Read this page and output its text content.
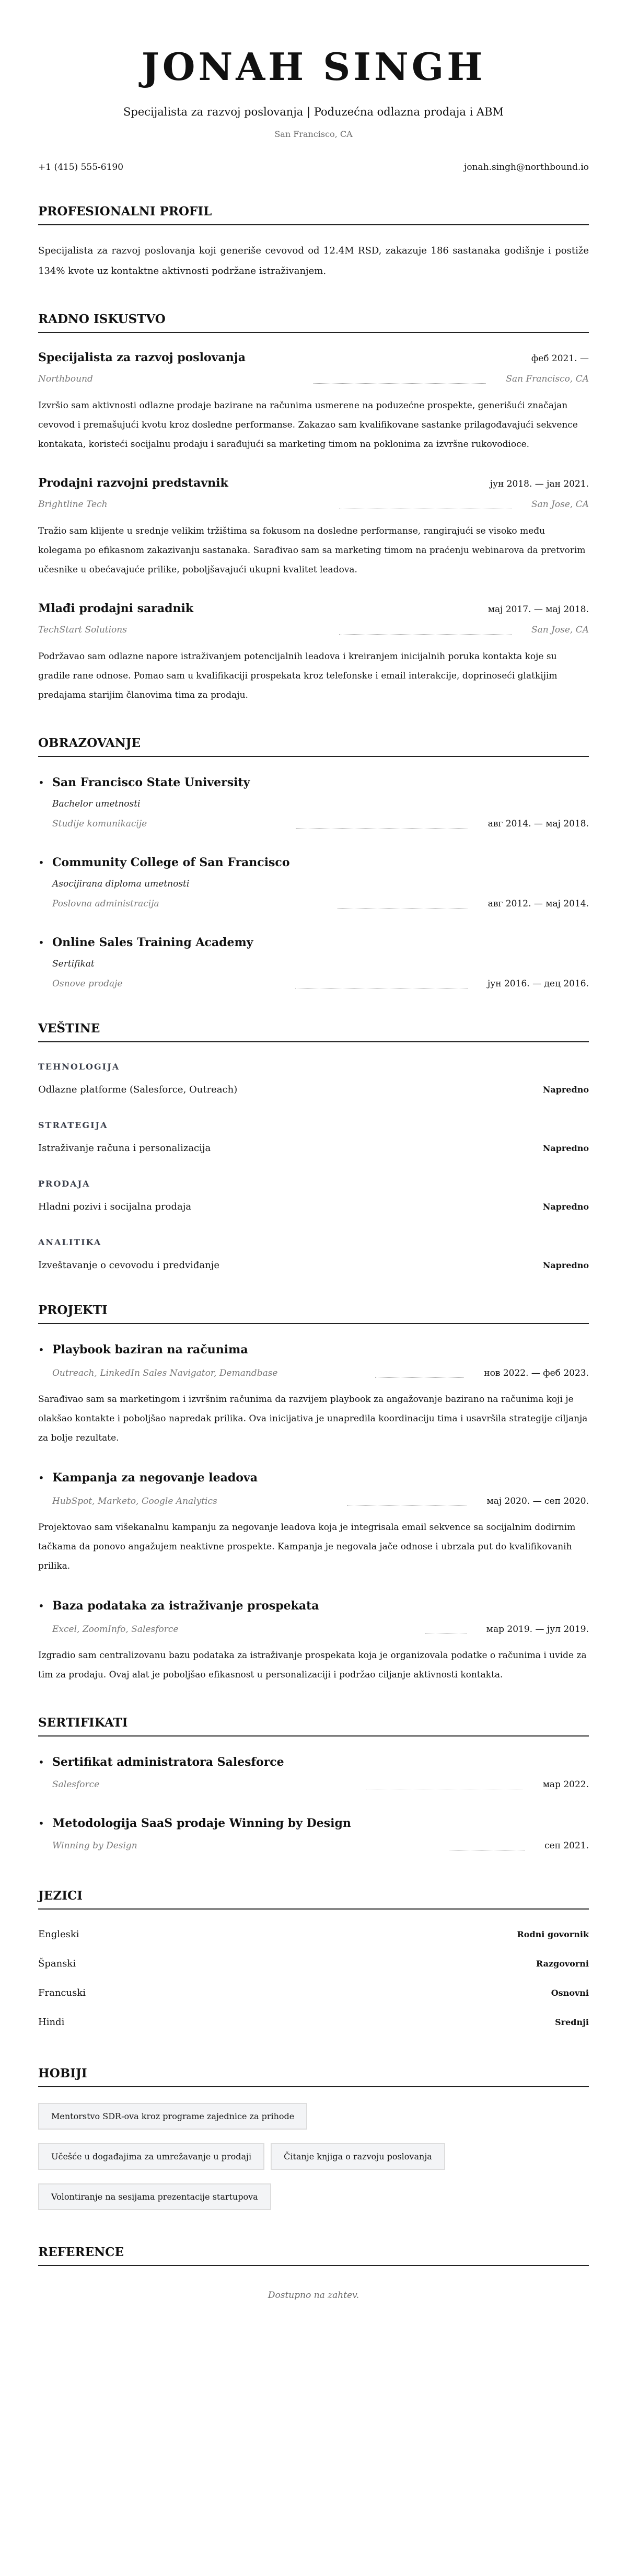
JONAH SINGH
Specijalista za razvoj poslovanja | Poduzećna odlazna prodaja i ABM
San Francisco, CA
+1 (415) 555-6190	jonah.singh@northbound.io
PROFESIONALNI PROFIL

Specijalista za razvoj poslovanja koji generiše cevovod od 12.4M RSD, zakazuje 186 sastanaka godišnje i postiže 134% kvote uz kontaktne aktivnosti podržane istraživanjem.

RADNO ISKUSTVO
Specijalista za razvoj poslovanja	феб 2021. —
Northbound	San Francisco, CA

Izvršio sam aktivnosti odlazne prodaje bazirane na računima usmerene na poduzećne prospekte, generišući značajan cevovod i premašujući kvotu kroz dosledne performanse. Zakazao sam kvalifikovane sastanke prilagođavajući sekvence kontakata, koristeći socijalnu prodaju i sarađujući sa marketing timom na poklonima za izvršne rukovodioce.

Prodajni razvojni predstavnik	јун 2018. — јан 2021.
Brightline Tech	San Jose, CA

Tražio sam klijente u srednje velikim tržištima sa fokusom na dosledne performanse, rangirajući se visoko među kolegama po efikasnom zakazivanju sastanaka. Sarađivao sam sa marketing timom na praćenju webinarova da pretvorim učesnike u obećavajuće prilike, poboljšavajući ukupni kvalitet leadova.

Mlađi prodajni saradnik	мај 2017. — мај 2018.
TechStart Solutions	San Jose, CA

Podržavao sam odlazne napore istraživanjem potencijalnih leadova i kreiranjem inicijalnih poruka kontakta koje su gradile rane odnose. Pomao sam u kvalifikaciji prospekata kroz telefonske i email interakcije, doprinoseći glatkijim predajama starijim članovima tima za prodaju.

OBRAZOVANJE
• San Francisco State University
Bachelor umetnosti
Studije komunikacije	авг 2014. — мај 2018.
• Community College of San Francisco
Asocijirana diploma umetnosti
Poslovna administracija	авг 2012. — мај 2014.
• Online Sales Training Academy
Sertifikat
Osnove prodaje	јун 2016. — дец 2016.
VEŠTINE
TEHNOLOGIJA
Odlazne platforme (Salesforce, Outreach)	Napredno
STRATEGIJA
Istraživanje računa i personalizacija	Napredno
PRODAJA
Hladni pozivi i socijalna prodaja	Napredno
ANALITIKA
Izveštavanje o cevovodu i predviđanje	Napredno
PROJEKTI
• Playbook baziran na računima
Outreach, LinkedIn Sales Navigator, Demandbase	нов 2022. — феб 2023.

Sarađivao sam sa marketingom i izvršnim računima da razvijem playbook za angažovanje bazirano na računima koji je olakšao kontakte i poboljšao napredak prilika. Ova inicijativa je unapredila koordinaciju tima i usavršila strategije ciljanja za bolje rezultate.

• Kampanja za negovanje leadova
HubSpot, Marketo, Google Analytics	мај 2020. — сеп 2020.

Projektovao sam višekanalnu kampanju za negovanje leadova koja je integrisala email sekvence sa socijalnim dodirnim tačkama da ponovo angažujem neaktivne prospekte. Kampanja je negovala jače odnose i ubrzala put do kvalifikovanih prilika.

• Baza podataka za istraživanje prospekata
Excel, ZoomInfo, Salesforce	мар 2019. — јул 2019.

Izgradio sam centralizovanu bazu podataka za istraživanje prospekata koja je organizovala podatke o računima i uvide za tim za prodaju. Ovaj alat je poboljšao efikasnost u personalizaciji i podržao ciljanje aktivnosti kontakta.

SERTIFIKATI
• Sertifikat administratora Salesforce
Salesforce	мар 2022.
• Metodologija SaaS prodaje Winning by Design
Winning by Design	сеп 2021.
JEZICI
Engleski	Rodni govornik
Španski	Razgovorni
Francuski	Osnovni
Hindi	Srednji
HOBIJI
Mentorstvo SDR-ova kroz programe zajednice za prihode
Učešće u događajima za umrežavanje u prodaji	Čitanje knjiga o razvoju poslovanja
Volontiranje na sesijama prezentacije startupova
REFERENCE

Dostupno na zahtev.
